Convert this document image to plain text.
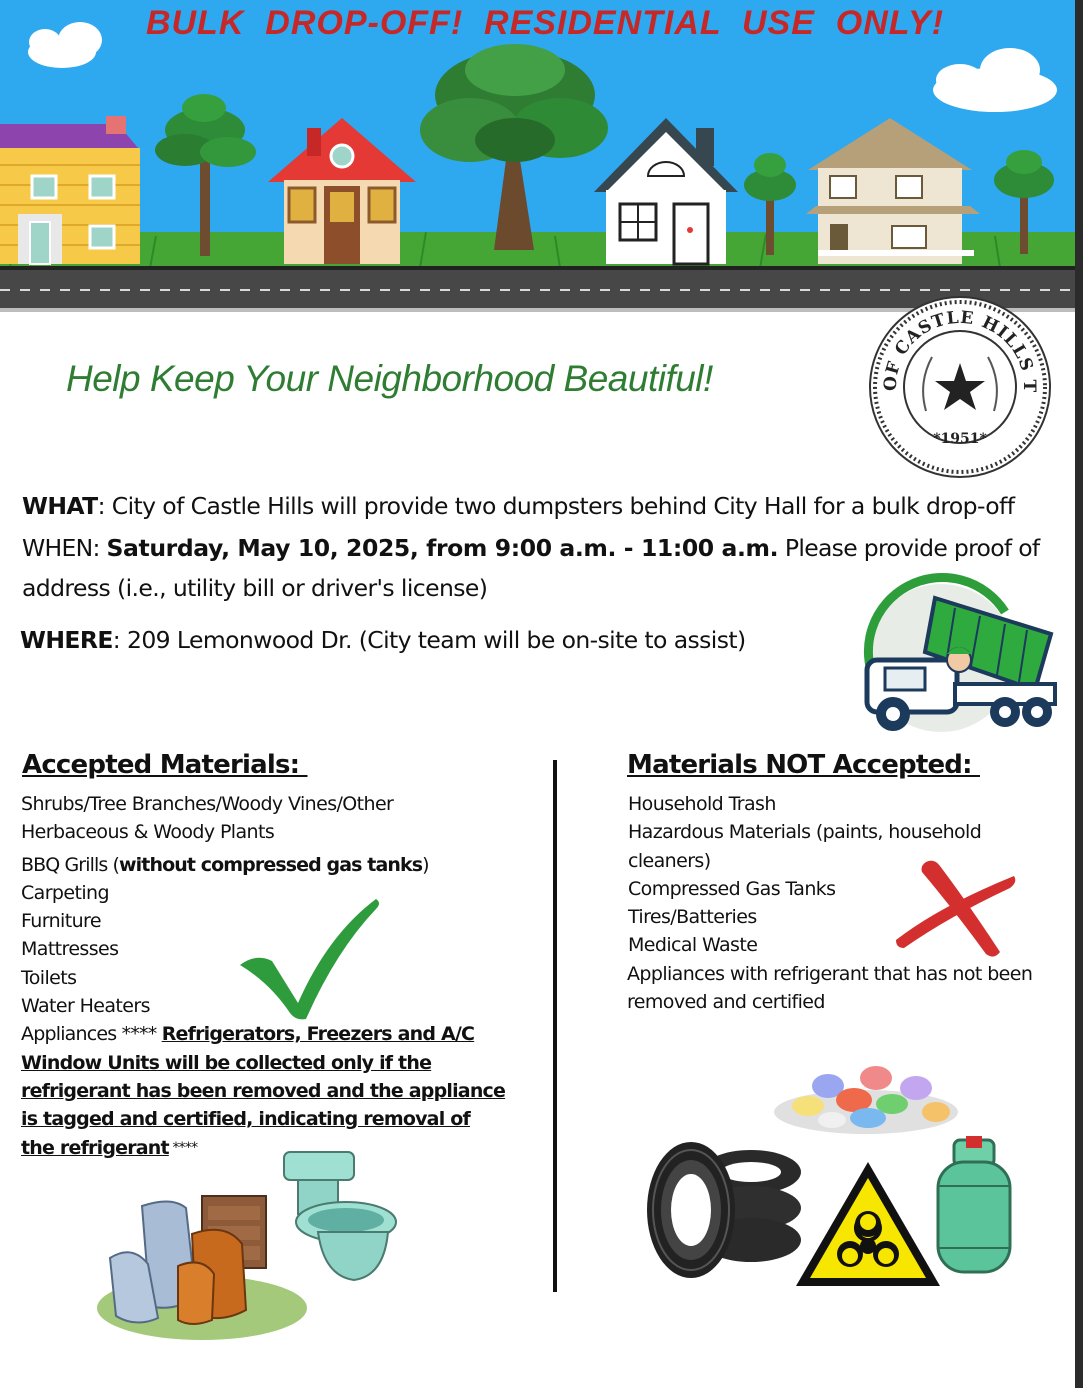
BULK  DROP-OFF!  RESIDENTIAL  USE  ONLY!
Help Keep Your Neighborhood Beautiful!	OF CASTLE HILLS T
*1951*
WHAT: City of Castle Hills will provide two dumpsters behind City Hall for a bulk drop-off
WHEN: Saturday, May 10, 2025, from 9:00 a.m. - 11:00 a.m. Please provide proof of
address (i.e., utility bill or driver's license)
WHERE: 209 Lemonwood Dr. (City team will be on-site to assist)
Accepted Materials:
Shrubs/Tree Branches/Woody Vines/Other
Herbaceous & Woody Plants
BBQ Grills (without compressed gas tanks)
Carpeting
Furniture
Mattresses
Toilets
Water Heaters
Appliances **** Refrigerators, Freezers and A/C
Window Units will be collected only if the
refrigerant has been removed and the appliance
is tagged and certified, indicating removal of
the refrigerant ****
Materials NOT Accepted:
Household Trash
Hazardous Materials (paints, household
cleaners)
Compressed Gas Tanks
Tires/Batteries
Medical Waste
Appliances with refrigerant that has not been
removed and certified
